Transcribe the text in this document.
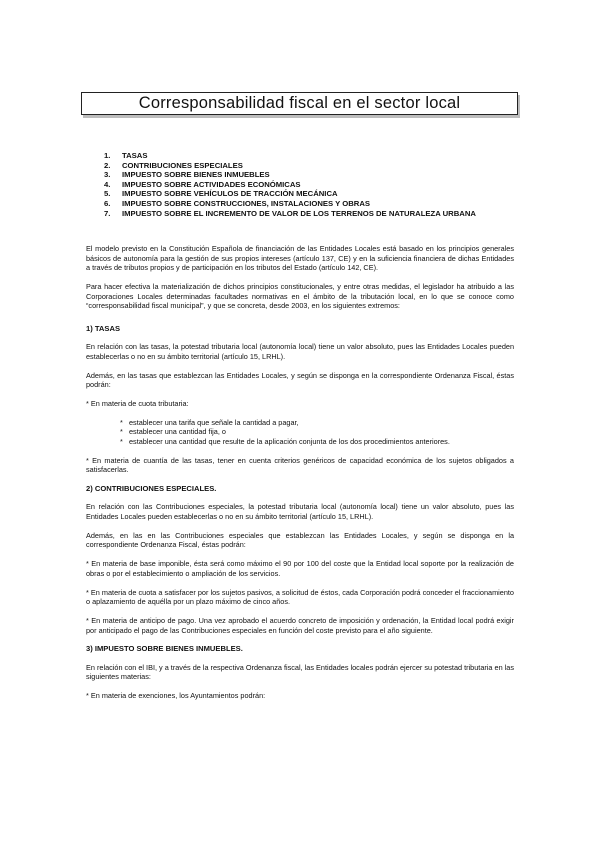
Corresponsabilidad fiscal en el sector local
1.	TASAS
2.	CONTRIBUCIONES ESPECIALES
3.	IMPUESTO SOBRE BIENES INMUEBLES
4.	IMPUESTO SOBRE ACTIVIDADES ECONÓMICAS
5.	IMPUESTO SOBRE VEHÍCULOS DE TRACCIÓN MECÁNICA
6.	IMPUESTO SOBRE CONSTRUCCIONES, INSTALACIONES Y OBRAS
7.	IMPUESTO SOBRE EL INCREMENTO DE VALOR DE LOS TERRENOS DE NATURALEZA URBANA

El modelo previsto en la Constitución Española de financiación de las Entidades Locales está basado en los principios generales básicos de autonomía para la gestión de sus propios intereses (artículo 137, CE) y en la suficiencia financiera de dichas Entidades a través de tributos propios y de participación en los tributos del Estado (artículo 142, CE).

Para hacer efectiva la materialización de dichos principios constitucionales, y entre otras medidas, el legislador ha atribuido a las Corporaciones Locales determinadas facultades normativas en el ámbito de la tributación local, en lo que se conoce como “corresponsabilidad fiscal municipal”, y que se concreta, desde 2003, en los siguientes extremos:

1) TASAS

En relación con las tasas, la potestad tributaria local (autonomía local) tiene un valor absoluto, pues las Entidades Locales pueden establecerlas o no en su ámbito territorial (artículo 15, LRHL).

Además, en las tasas que establezcan las Entidades Locales, y según se disponga en la correspondiente Ordenanza Fiscal, éstas podrán:

* En materia de cuota tributaria:

* establecer una tarifa que señale la cantidad a pagar,
* establecer una cantidad fija, o
* establecer una cantidad que resulte de la aplicación conjunta de los dos procedimientos anteriores.

* En materia de cuantía de las tasas, tener en cuenta criterios genéricos de capacidad económica de los sujetos obligados a satisfacerlas.

2) CONTRIBUCIONES ESPECIALES.

En relación con las Contribuciones especiales, la potestad tributaria local (autonomía local) tiene un valor absoluto, pues las Entidades Locales pueden establecerlas o no en su ámbito territorial (artículo 15, LRHL).

Además, en las en las Contribuciones especiales que establezcan las Entidades Locales, y según se disponga en la correspondiente Ordenanza Fiscal, éstas podrán:

* En materia de base imponible, ésta será como máximo el 90 por 100 del coste que la Entidad local soporte por la realización de obras o por el establecimiento o ampliación de los servicios.

* En materia de cuota a satisfacer por los sujetos pasivos, a solicitud de éstos, cada Corporación podrá conceder el fraccionamiento o aplazamiento de aquélla por un plazo máximo de cinco años.

* En materia de anticipo de pago. Una vez aprobado el acuerdo concreto de imposición y ordenación, la Entidad local podrá exigir por anticipado el pago de las Contribuciones especiales en función del coste previsto para el año siguiente.

3) IMPUESTO SOBRE BIENES INMUEBLES.

En relación con el IBI, y a través de la respectiva Ordenanza fiscal, las Entidades locales podrán ejercer su potestad tributaria en las siguientes materias:

* En materia de exenciones, los Ayuntamientos podrán:
